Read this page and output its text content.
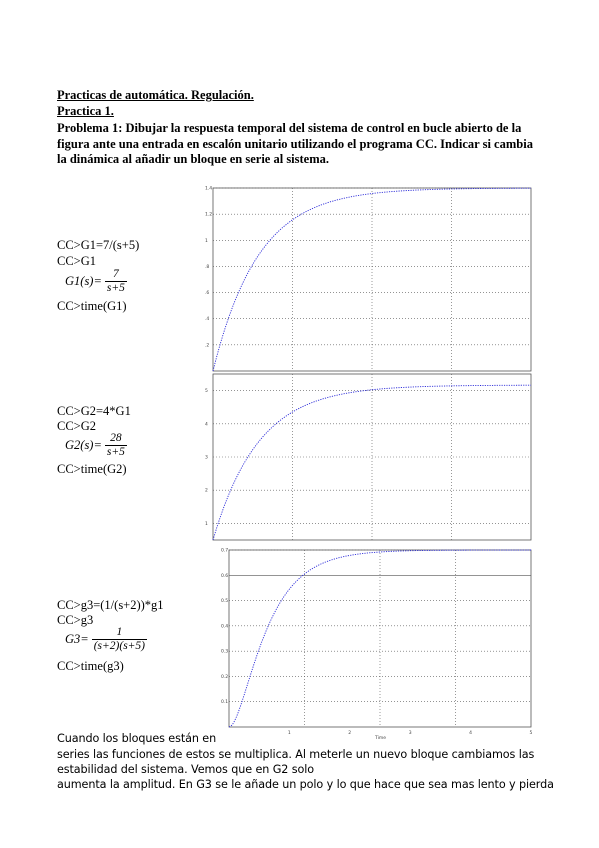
Practicas de automática. Regulación.
Practica 1.
Problema 1: Dibujar la respuesta temporal del sistema de control en bucle abierto de la figura ante una entrada en escalón unitario utilizando el programa CC. Indicar si cambia la dinámica al añadir un bloque en serie al sistema.
CC>G1=7/(s+5)
CC>G1
$G1(s)= \frac{7}{s+5}$
CC>time(G1)
CC>G2=4*G1
CC>G2
$G2(s)= \frac{28}{s+5}$
CC>time(G2)
CC>g3=(1/(s+2))*g1
CC>g3
$G3= \frac{1}{(s+2)(s+5)}$
CC>time(g3)
1.4
1.2
1
.8
.6
.4
.2
5
4
3
2
1
0.7
0.6
0.5
0.4
0.3
0.2
0.1
1	2	3	4	5
Time
Cuando los bloques están en
series las funciones de estos se multiplica. Al meterle un nuevo bloque cambiamos las
estabilidad del sistema. Vemos que en G2 solo
aumenta la amplitud. En G3 se le añade un polo y lo que hace que sea mas lento y pierda
